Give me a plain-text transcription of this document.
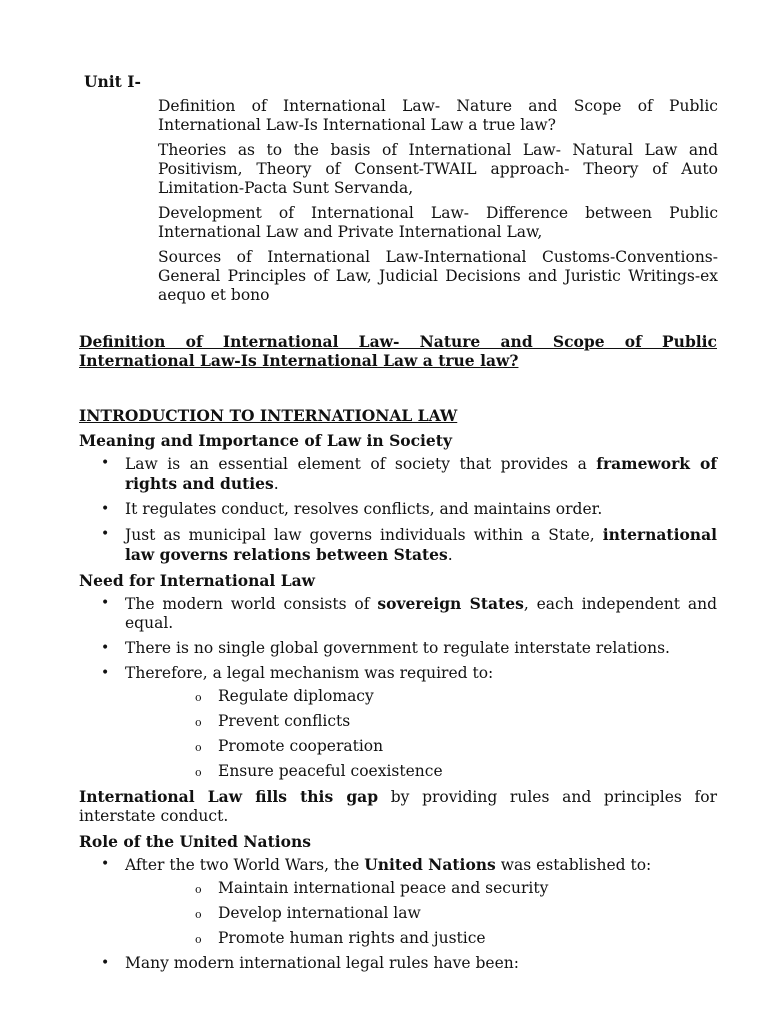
Unit I-
Definition of International Law- Nature and Scope of Public International Law-Is International Law a true law?
Theories as to the basis of International Law- Natural Law and Positivism, Theory of Consent-TWAIL approach- Theory of Auto Limitation-Pacta Sunt Servanda,
Development of International Law- Difference between Public International Law and Private International Law,
Sources of International Law-International Customs-Conventions-General Principles of Law, Judicial Decisions and Juristic Writings-ex aequo et bono
Definition of International Law- Nature and Scope of Public International Law-Is International Law a true law?
INTRODUCTION TO INTERNATIONAL LAW
Meaning and Importance of Law in Society
• Law is an essential element of society that provides a framework of rights and duties.
• It regulates conduct, resolves conflicts, and maintains order.
• Just as municipal law governs individuals within a State, international law governs relations between States.
Need for International Law
• The modern world consists of sovereign States, each independent and equal.
• There is no single global government to regulate interstate relations.
• Therefore, a legal mechanism was required to:
o Regulate diplomacy
o Prevent conflicts
o Promote cooperation
o Ensure peaceful coexistence

International Law fills this gap by providing rules and principles for interstate conduct.

Role of the United Nations
• After the two World Wars, the United Nations was established to:
o Maintain international peace and security
o Develop international law
o Promote human rights and justice
• Many modern international legal rules have been:
